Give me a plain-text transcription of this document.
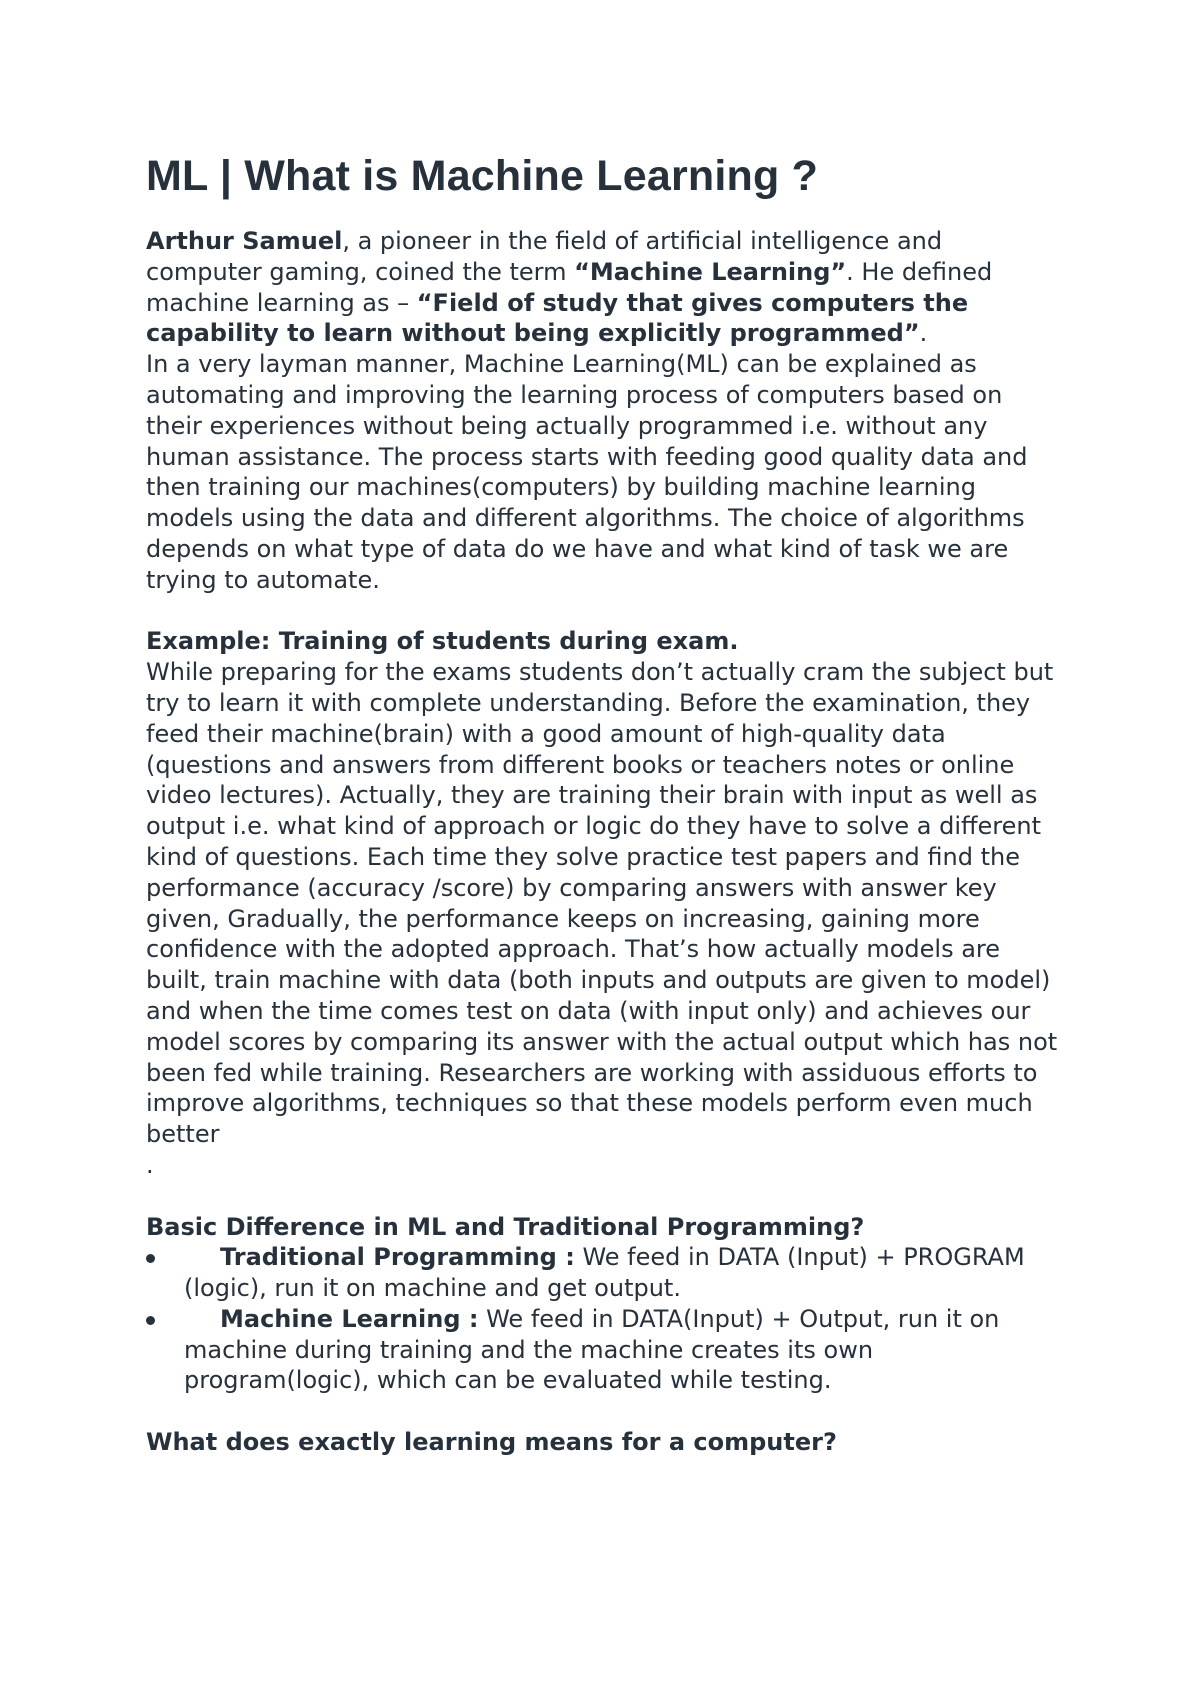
ML | What is Machine Learning ?

Arthur Samuel, a pioneer in the field of artificial intelligence and computer gaming, coined the term “Machine Learning”. He defined machine learning as – “Field of study that gives computers the capability to learn without being explicitly programmed”.

In a very layman manner, Machine Learning(ML) can be explained as automating and improving the learning process of computers based on their experiences without being actually programmed i.e. without any human assistance. The process starts with feeding good quality data and then training our machines(computers) by building machine learning models using the data and different algorithms. The choice of algorithms depends on what type of data do we have and what kind of task we are trying to automate.

Example: Training of students during exam.

While preparing for the exams students don’t actually cram the subject but try to learn it with complete understanding. Before the examination, they feed their machine(brain) with a good amount of high-quality data (questions and answers from different books or teachers notes or online video lectures). Actually, they are training their brain with input as well as output i.e. what kind of approach or logic do they have to solve a different kind of questions. Each time they solve practice test papers and find the performance (accuracy /score) by comparing answers with answer key given, Gradually, the performance keeps on increasing, gaining more confidence with the adopted approach. That’s how actually models are built, train machine with data (both inputs and outputs are given to model) and when the time comes test on data (with input only) and achieves our model scores by comparing its answer with the actual output which has not been fed while training. Researchers are working with assiduous efforts to improve algorithms, techniques so that these models perform even much better

.

Basic Difference in ML and Traditional Programming?

Traditional Programming : We feed in DATA (Input) + PROGRAM (logic), run it on machine and get output.
Machine Learning : We feed in DATA(Input) + Output, run it on machine during training and the machine creates its own program(logic), which can be evaluated while testing.

What does exactly learning means for a computer?
